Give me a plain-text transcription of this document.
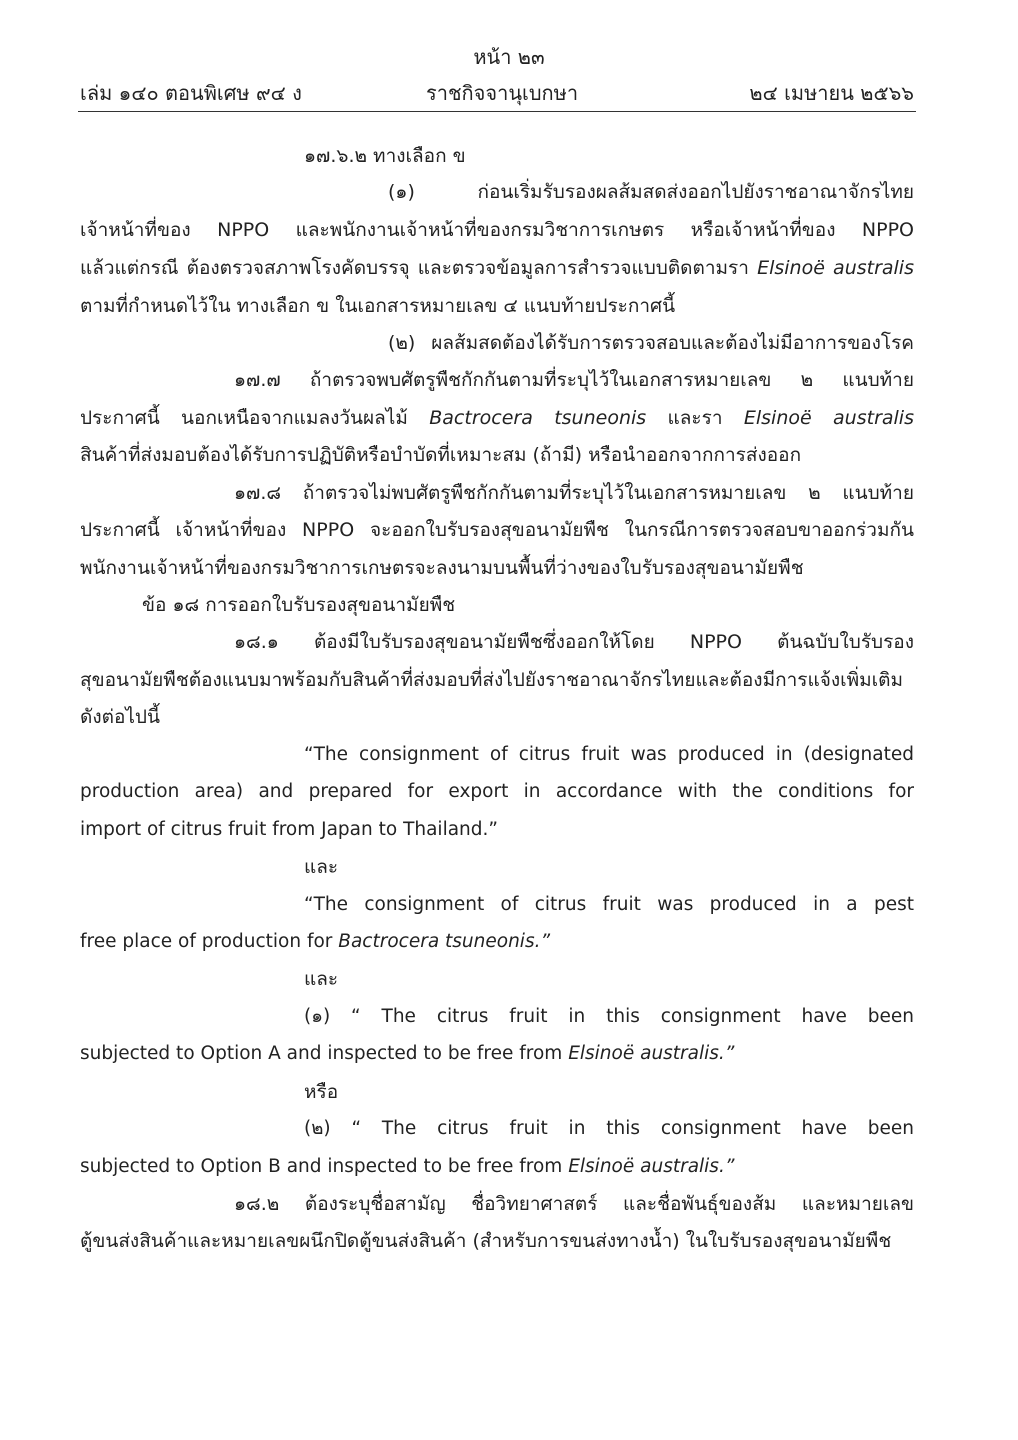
หน้า ๒๓
เล่ม ๑๔๐ ตอนพิเศษ ๙๔ ง	ราชกิจจานุเบกษา	๒๔ เมษายน ๒๕๖๖
๑๗.๖.๒ ทางเลือก ข
(๑) ก่อนเริ่มรับรองผลส้มสดส่งออกไปยังราชอาณาจักรไทย
เจ้าหน้าที่ของ NPPO และพนักงานเจ้าหน้าที่ของกรมวิชาการเกษตร หรือเจ้าหน้าที่ของ NPPO
แล้วแต่กรณี ต้องตรวจสภาพโรงคัดบรรจุ และตรวจข้อมูลการสำรวจแบบติดตามรา Elsinoë australis
ตามที่กำหนดไว้ใน ทางเลือก ข ในเอกสารหมายเลข ๔ แนบท้ายประกาศนี้
(๒) ผลส้มสดต้องได้รับการตรวจสอบและต้องไม่มีอาการของโรค
๑๗.๗ ถ้าตรวจพบศัตรูพืชกักกันตามที่ระบุไว้ในเอกสารหมายเลข ๒ แนบท้าย
ประกาศนี้ นอกเหนือจากแมลงวันผลไม้ Bactrocera tsuneonis และรา Elsinoë australis
สินค้าที่ส่งมอบต้องได้รับการปฏิบัติหรือบำบัดที่เหมาะสม (ถ้ามี) หรือนำออกจากการส่งออก
๑๗.๘ ถ้าตรวจไม่พบศัตรูพืชกักกันตามที่ระบุไว้ในเอกสารหมายเลข ๒ แนบท้าย
ประกาศนี้ เจ้าหน้าที่ของ NPPO จะออกใบรับรองสุขอนามัยพืช ในกรณีการตรวจสอบขาออกร่วมกัน
พนักงานเจ้าหน้าที่ของกรมวิชาการเกษตรจะลงนามบนพื้นที่ว่างของใบรับรองสุขอนามัยพืช
ข้อ ๑๘ การออกใบรับรองสุขอนามัยพืช
๑๘.๑ ต้องมีใบรับรองสุขอนามัยพืชซึ่งออกให้โดย NPPO ต้นฉบับใบรับรอง
สุขอนามัยพืชต้องแนบมาพร้อมกับสินค้าที่ส่งมอบที่ส่งไปยังราชอาณาจักรไทยและต้องมีการแจ้งเพิ่มเติม
ดังต่อไปนี้
“The consignment of citrus fruit was produced in (designated
production area) and prepared for export in accordance with the conditions for
import of citrus fruit from Japan to Thailand.”
และ
“The consignment of citrus fruit was produced in a pest
free place of production for Bactrocera tsuneonis.”
และ
(๑) “ The citrus fruit in this consignment have been
subjected to Option A and inspected to be free from Elsinoë australis.”
หรือ
(๒) “ The citrus fruit in this consignment have been
subjected to Option B and inspected to be free from Elsinoë australis.”
๑๘.๒ ต้องระบุชื่อสามัญ ชื่อวิทยาศาสตร์ และชื่อพันธุ์ของส้ม และหมายเลข
ตู้ขนส่งสินค้าและหมายเลขผนึกปิดตู้ขนส่งสินค้า (สำหรับการขนส่งทางน้ำ) ในใบรับรองสุขอนามัยพืช
